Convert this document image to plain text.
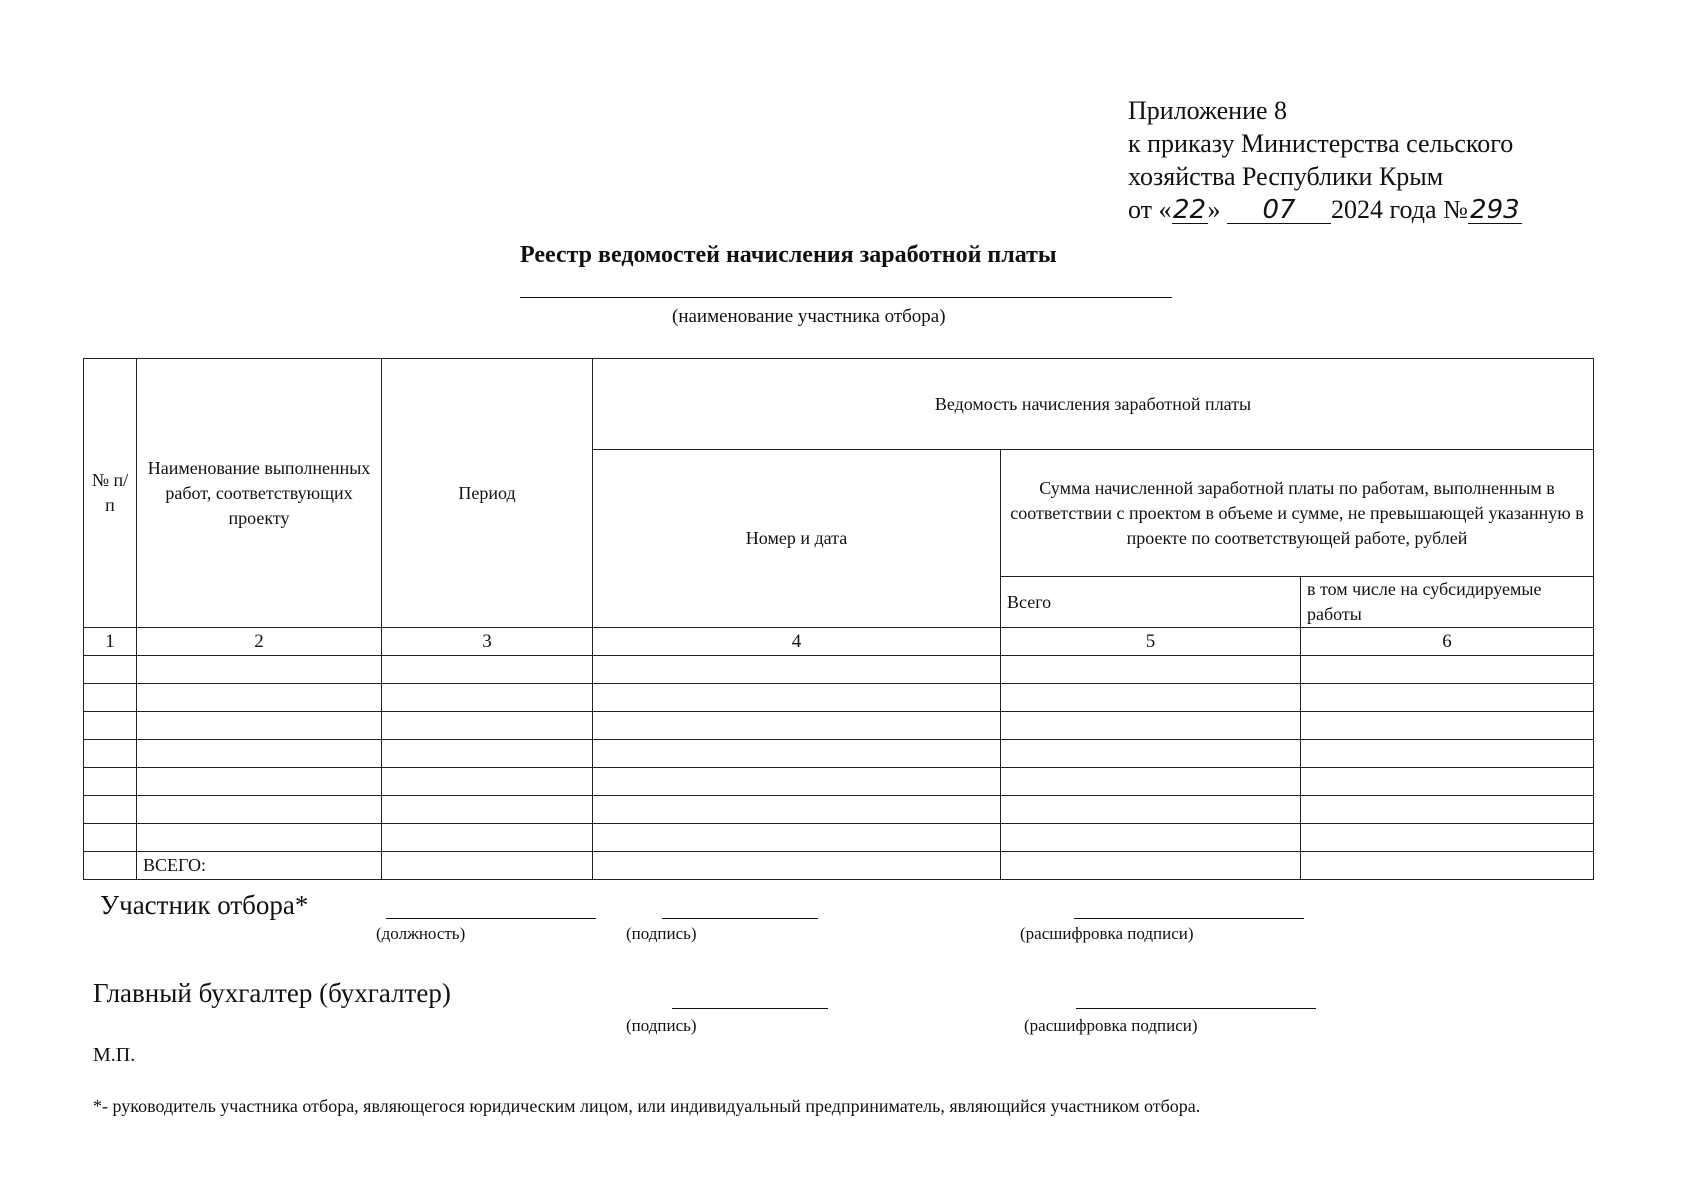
Приложение 8
к приказу Министерства сельского
хозяйства Республики Крым
от «22» 07 2024 года №293
Реестр ведомостей начисления заработной платы
(наименование участника отбора)
№ п/п	Наименование выполненных работ, соответствующих проекту	Период	Ведомость начисления заработной платы		
			Номер и дата	Сумма начисленной заработной платы по работам, выполненным в соответствии с проектом в объеме и сумме, не превышающей указанную в проекте по соответствующей работе, рублей	
				Всего	в том числе на субсидируемые работы
1	2	3	4	5	6

	ВСЕГО:				
Участник отбора*
(должность)	(подпись)	(расшифровка подписи)
Главный бухгалтер (бухгалтер)
(подпись)	(расшифровка подписи)
М.П.
*- руководитель участника отбора, являющегося юридическим лицом, или индивидуальный предприниматель, являющийся участником отбора.
